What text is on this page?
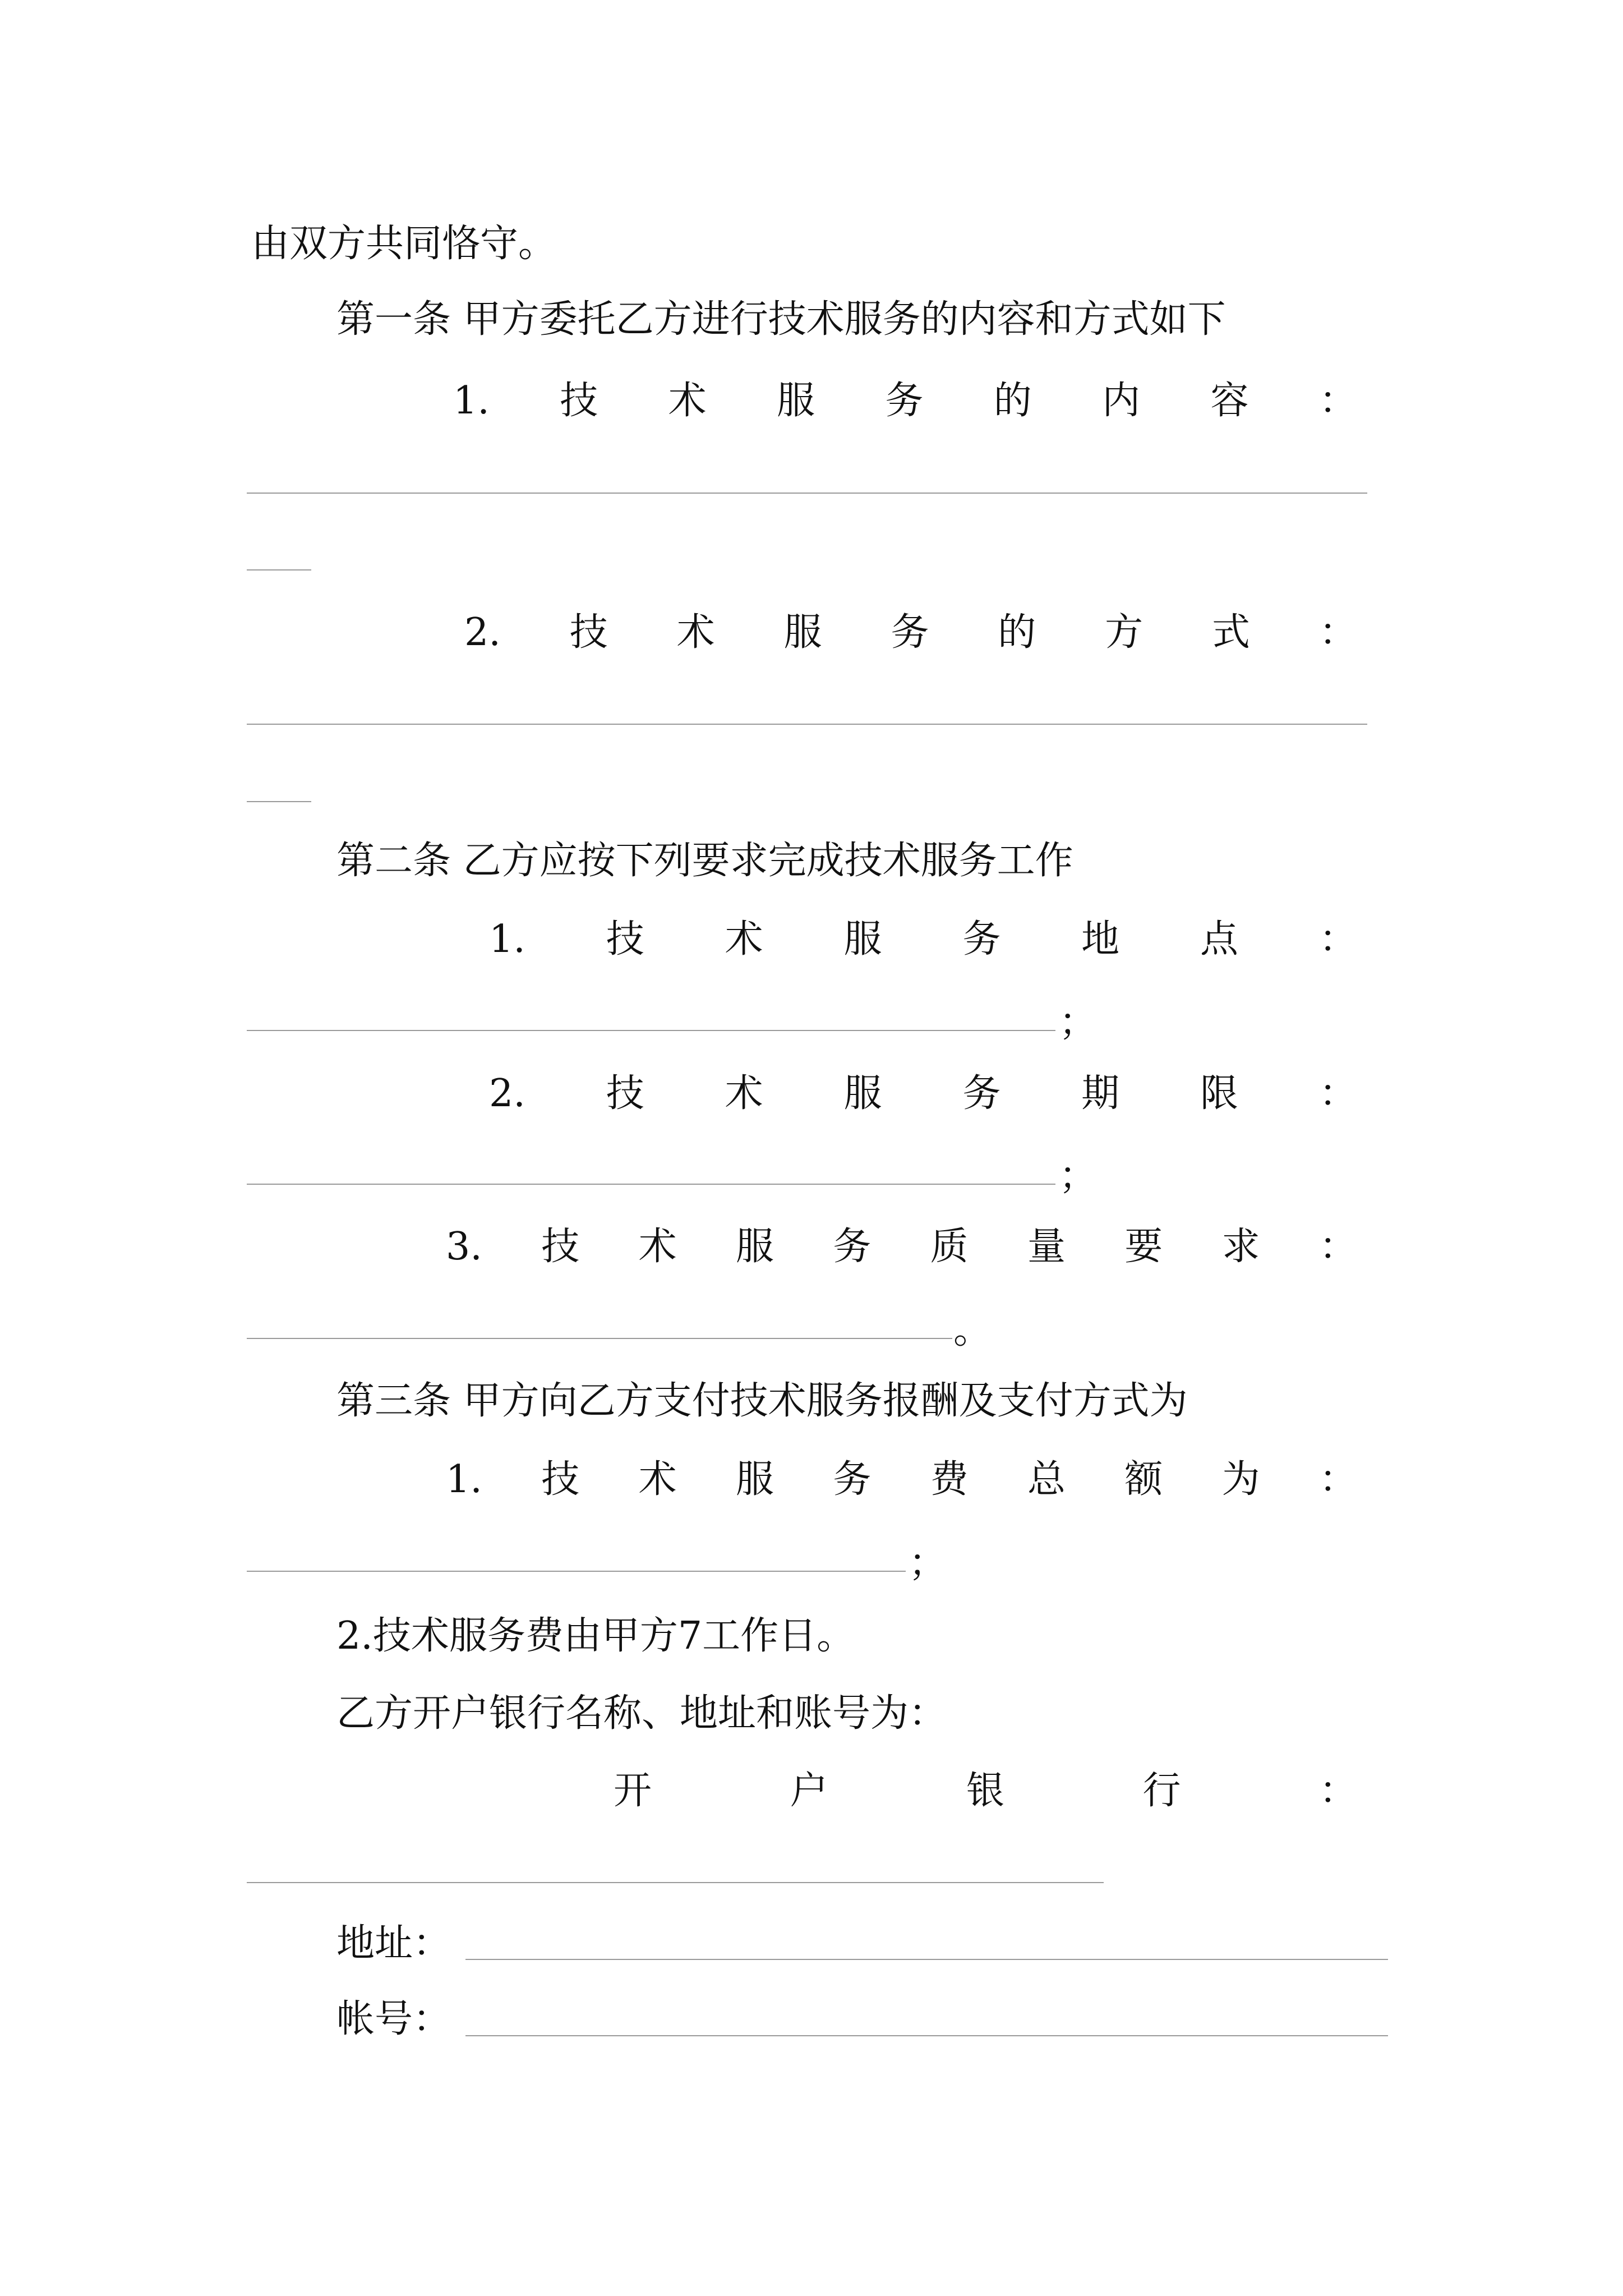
由双方共同恪守。
第一条 甲方委托乙方进行技术服务的内容和方式如下
1. 技 术 服 务 的 内 容 ：
2. 技 术 服 务 的 方 式 ：
第二条 乙方应按下列要求完成技术服务工作
1. 技 术 服 务 地 点 ：
；
2. 技 术 服 务 期 限 ：
；
3. 技 术 服 务 质 量 要 求 ：
。
第三条 甲方向乙方支付技术服务报酬及支付方式为
1. 技 术 服 务 费 总 额 为 ：
；
2.技术服务费由甲方7工作日。
乙方开户银行名称、地址和账号为：
开	户	银	行	：
地址：
帐号：
